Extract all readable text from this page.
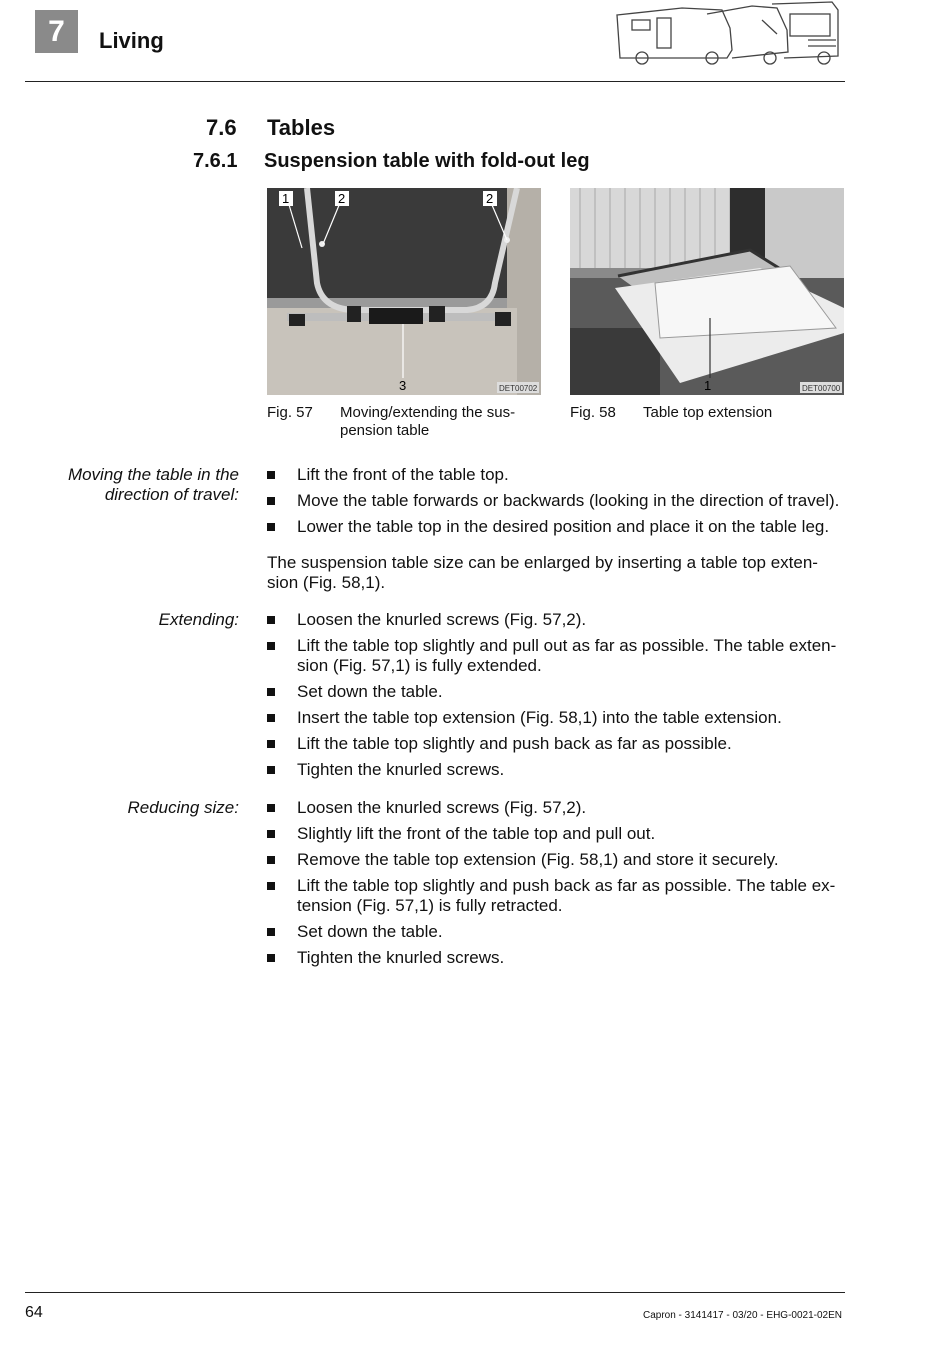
7	Living
7.6 Tables
7.6.1 Suspension table with fold-out leg
1	2	2
3	DET00702	1	DET00700
Fig. 57 Moving/extending the sus-pension table
Fig. 58 Table top extension
Moving the table in the direction of travel:
Lift the front of the table top.
Move the table forwards or backwards (looking in the direction of travel).
Lower the table top in the desired position and place it on the table leg.

The suspension table size can be enlarged by inserting a table top exten-sion (Fig. 58,1).

Extending:	Loosen the knurled screws (Fig. 57,2).
Lift the table top slightly and pull out as far as possible. The table exten-sion (Fig. 57,1) is fully extended.
Set down the table.
Insert the table top extension (Fig. 58,1) into the table extension.
Lift the table top slightly and push back as far as possible.
Tighten the knurled screws.
Reducing size:	Loosen the knurled screws (Fig. 57,2).
Slightly lift the front of the table top and pull out.
Remove the table top extension (Fig. 58,1) and store it securely.
Lift the table top slightly and push back as far as possible. The table ex-tension (Fig. 57,1) is fully retracted.
Set down the table.
Tighten the knurled screws.
64	Capron - 3141417 - 03/20 - EHG-0021-02EN
